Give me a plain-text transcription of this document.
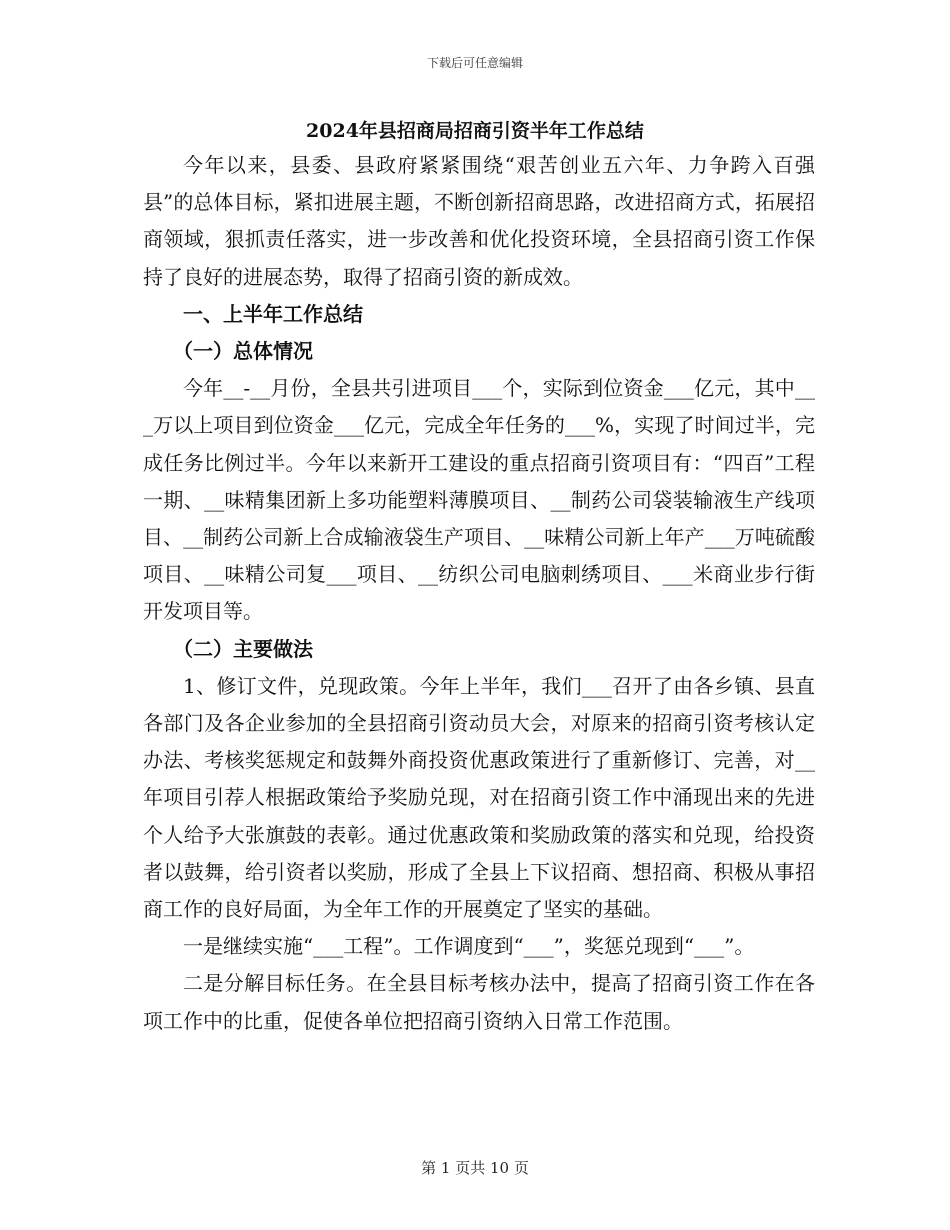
下载后可任意编辑
2024年县招商局招商引资半年工作总结

今年以来，县委、县政府紧紧围绕“艰苦创业五六年、力争跨入百强县”的总体目标，紧扣进展主题，不断创新招商思路，改进招商方式，拓展招商领域，狠抓责任落实，进一步改善和优化投资环境，全县招商引资工作保持了良好的进展态势，取得了招商引资的新成效。

一、上半年工作总结

（一）总体情况

今年__-__月份，全县共引进项目___个，实际到位资金___亿元，其中___万以上项目到位资金___亿元，完成全年任务的___%，实现了时间过半，完成任务比例过半。今年以来新开工建设的重点招商引资项目有：“四百”工程一期、__味精集团新上多功能塑料薄膜项目、__制药公司袋装输液生产线项目、__制药公司新上合成输液袋生产项目、__味精公司新上年产___万吨硫酸项目、__味精公司复___项目、__纺织公司电脑刺绣项目、___米商业步行街开发项目等。

（二）主要做法

1、修订文件，兑现政策。今年上半年，我们___召开了由各乡镇、县直各部门及各企业参加的全县招商引资动员大会，对原来的招商引资考核认定办法、考核奖惩规定和鼓舞外商投资优惠政策进行了重新修订、完善，对__年项目引荐人根据政策给予奖励兑现，对在招商引资工作中涌现出来的先进个人给予大张旗鼓的表彰。通过优惠政策和奖励政策的落实和兑现，给投资者以鼓舞，给引资者以奖励，形成了全县上下议招商、想招商、积极从事招商工作的良好局面，为全年工作的开展奠定了坚实的基础。

一是继续实施“___工程”。工作调度到“___”，奖惩兑现到“___”。

二是分解目标任务。在全县目标考核办法中，提高了招商引资工作在各项工作中的比重，促使各单位把招商引资纳入日常工作范围。

第 1 页共 10 页
